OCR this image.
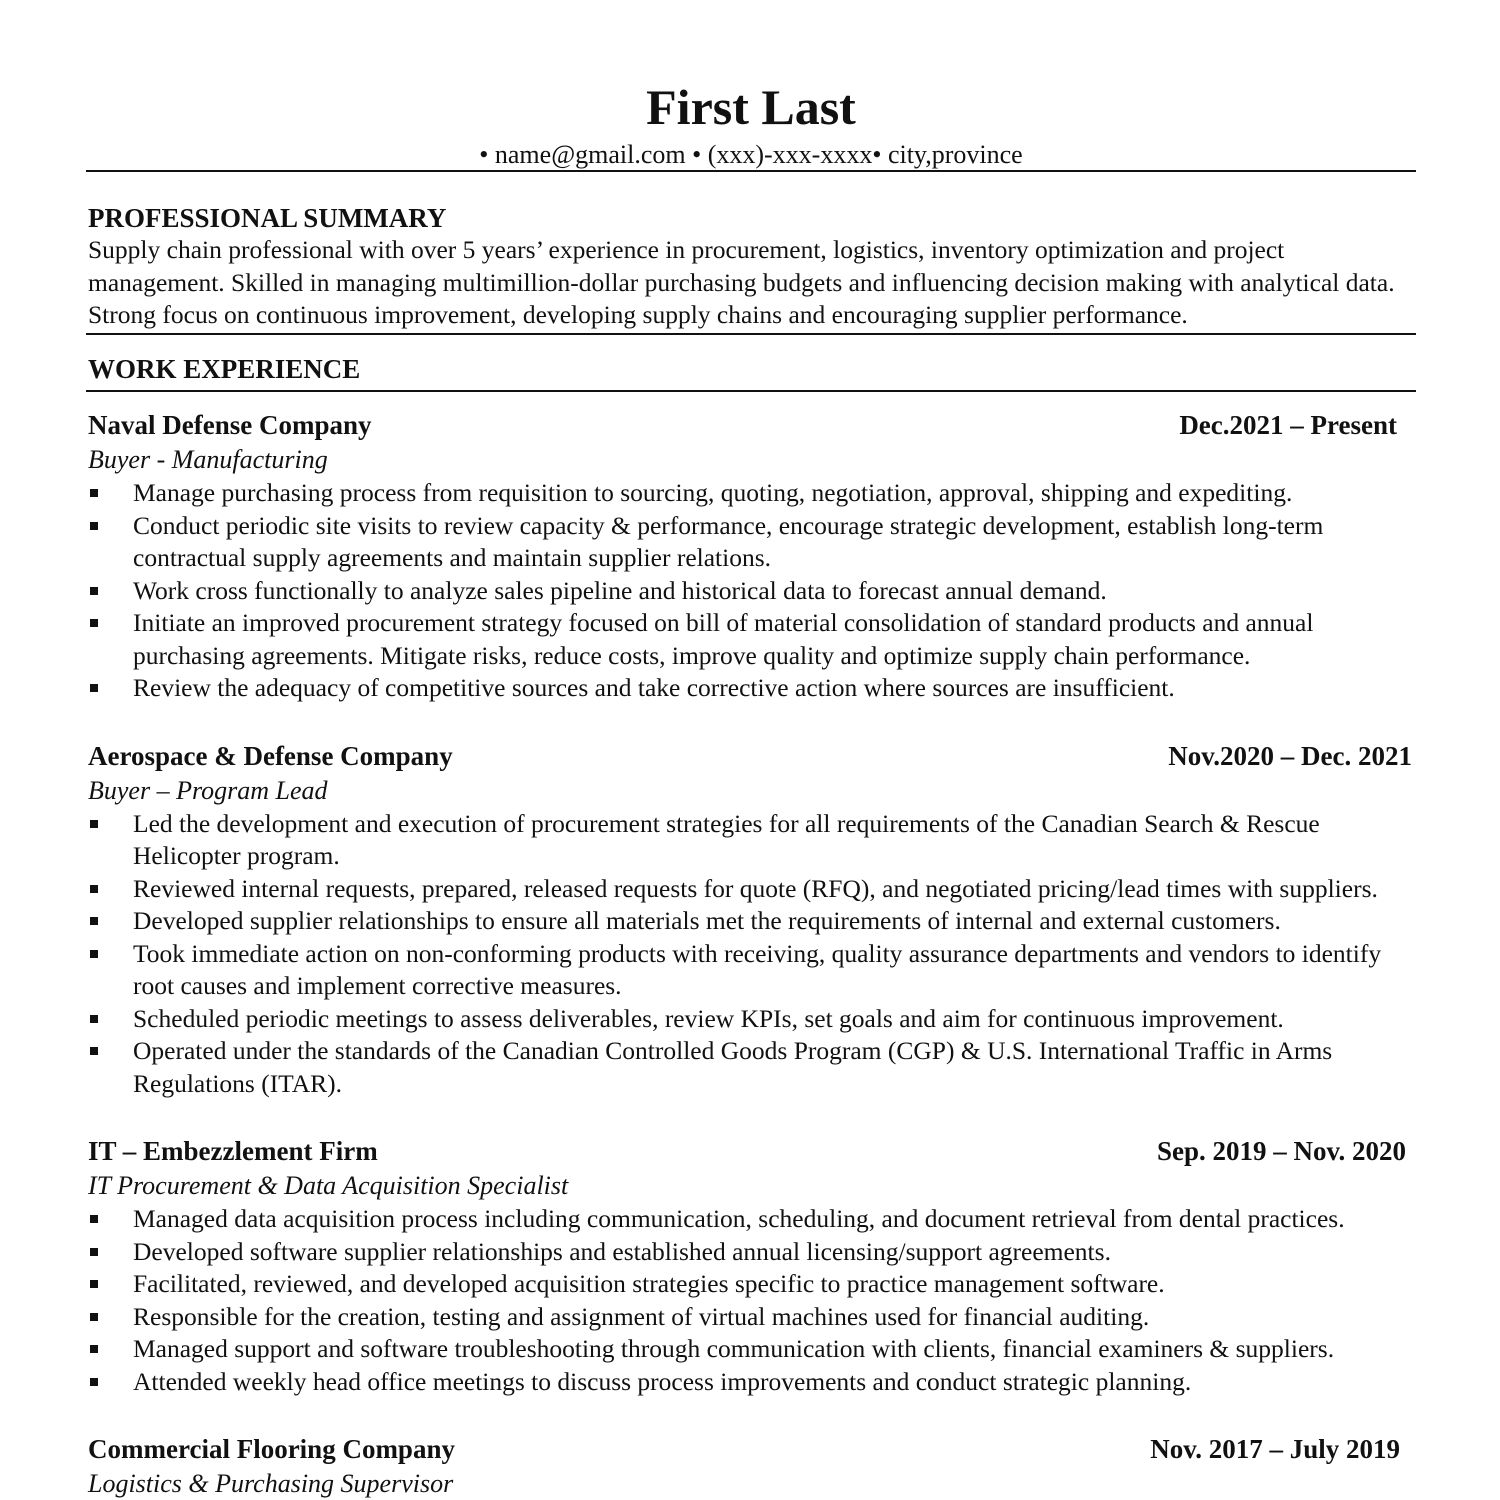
First Last
• name@gmail.com • (xxx)-xxx-xxxx• city,province
PROFESSIONAL SUMMARY
Supply chain professional with over 5 years’ experience in procurement, logistics, inventory optimization and project management. Skilled in managing multimillion-dollar purchasing budgets and influencing decision making with analytical data. Strong focus on continuous improvement, developing supply chains and encouraging supplier performance.
WORK EXPERIENCE
Naval Defense Company	Dec.2021 – Present
Buyer - Manufacturing
Manage purchasing process from requisition to sourcing, quoting, negotiation, approval, shipping and expediting.
Conduct periodic site visits to review capacity & performance, encourage strategic development, establish long-term contractual supply agreements and maintain supplier relations.
Work cross functionally to analyze sales pipeline and historical data to forecast annual demand.
Initiate an improved procurement strategy focused on bill of material consolidation of standard products and annual purchasing agreements. Mitigate risks, reduce costs, improve quality and optimize supply chain performance.
Review the adequacy of competitive sources and take corrective action where sources are insufficient.
Aerospace & Defense Company	Nov.2020 – Dec. 2021
Buyer – Program Lead
Led the development and execution of procurement strategies for all requirements of the Canadian Search & Rescue Helicopter program.
Reviewed internal requests, prepared, released requests for quote (RFQ), and negotiated pricing/lead times with suppliers.
Developed supplier relationships to ensure all materials met the requirements of internal and external customers.
Took immediate action on non-conforming products with receiving, quality assurance departments and vendors to identify root causes and implement corrective measures.
Scheduled periodic meetings to assess deliverables, review KPIs, set goals and aim for continuous improvement.
Operated under the standards of the Canadian Controlled Goods Program (CGP) & U.S. International Traffic in Arms Regulations (ITAR).
IT – Embezzlement Firm	Sep. 2019 – Nov. 2020
IT Procurement & Data Acquisition Specialist
Managed data acquisition process including communication, scheduling, and document retrieval from dental practices.
Developed software supplier relationships and established annual licensing/support agreements.
Facilitated, reviewed, and developed acquisition strategies specific to practice management software.
Responsible for the creation, testing and assignment of virtual machines used for financial auditing.
Managed support and software troubleshooting through communication with clients, financial examiners & suppliers.
Attended weekly head office meetings to discuss process improvements and conduct strategic planning.
Commercial Flooring Company	Nov. 2017 – July 2019
Logistics & Purchasing Supervisor
